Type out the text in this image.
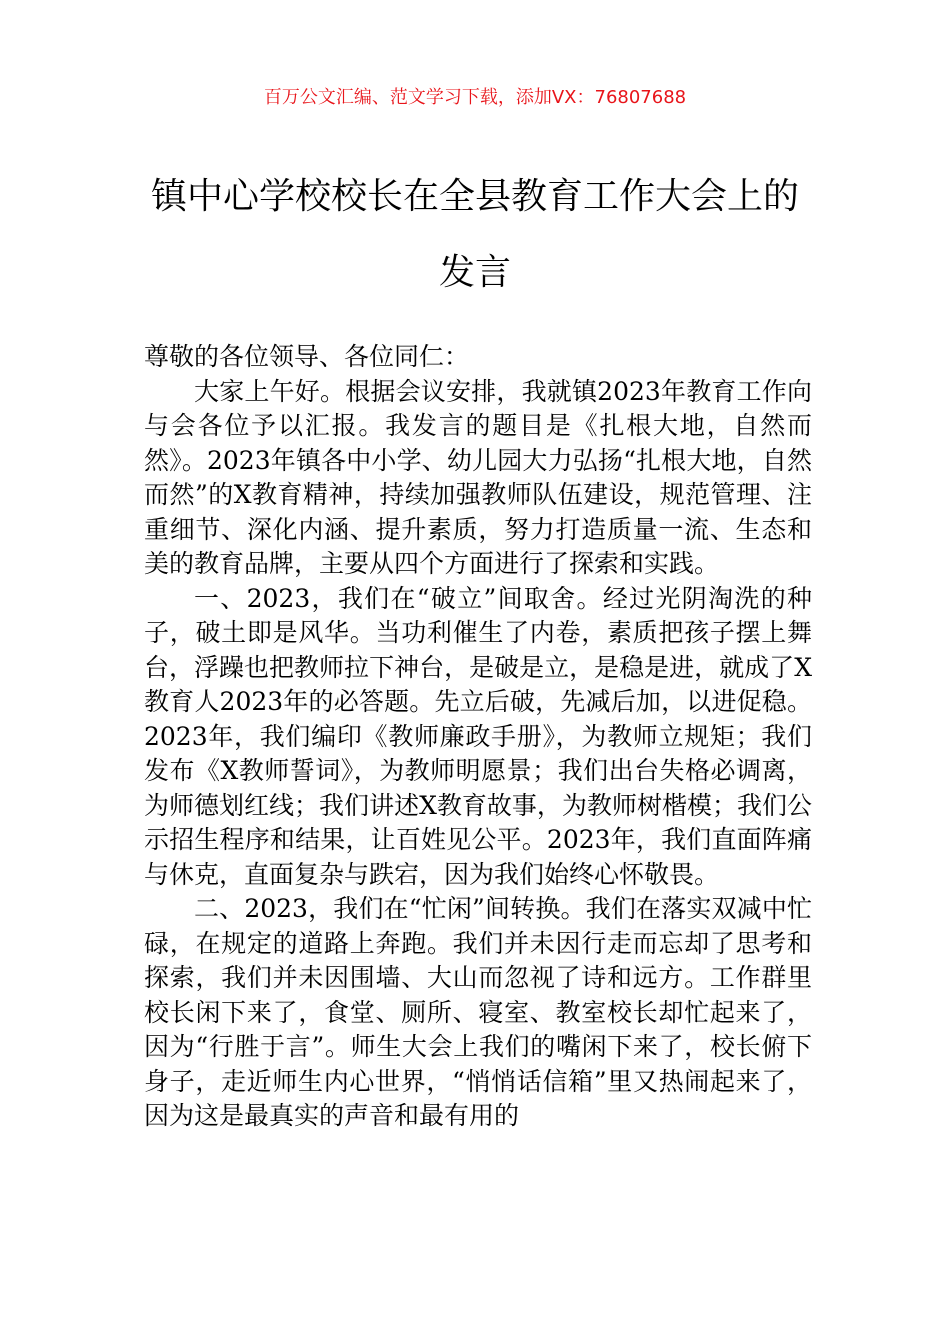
百万公文汇编、范文学习下载，添加VX：76807688
镇中心学校校长在全县教育工作大会上的
发言

尊敬的各位领导、各位同仁：

大家上午好。根据会议安排，我就镇2023年教育工作向与会各位予以汇报。我发言的题目是《扎根大地，自然而然》。2023年镇各中小学、幼儿园大力弘扬“扎根大地，自然而然”的X教育精神，持续加强教师队伍建设，规范管理、注重细节、深化内涵、提升素质，努力打造质量一流、生态和美的教育品牌，主要从四个方面进行了探索和实践。

一、2023，我们在“破立”间取舍。经过光阴淘洗的种子，破土即是风华。当功利催生了内卷，素质把孩子摆上舞台，浮躁也把教师拉下神台，是破是立，是稳是进，就成了X教育人2023年的必答题。先立后破，先减后加，以进促稳。2023年，我们编印《教师廉政手册》，为教师立规矩；我们发布《X教师誓词》，为教师明愿景；我们出台失格必调离，为师德划红线；我们讲述X教育故事，为教师树楷模；我们公示招生程序和结果，让百姓见公平。2023年，我们直面阵痛与休克，直面复杂与跌宕，因为我们始终心怀敬畏。

二、2023，我们在“忙闲”间转换。我们在落实双减中忙碌，在规定的道路上奔跑。我们并未因行走而忘却了思考和探索，我们并未因围墙、大山而忽视了诗和远方。工作群里校长闲下来了，食堂、厕所、寝室、教室校长却忙起来了，因为“行胜于言”。师生大会上我们的嘴闲下来了，校长俯下身子，走近师生内心世界，“悄悄话信箱”里又热闹起来了，因为这是最真实的声音和最有用的
